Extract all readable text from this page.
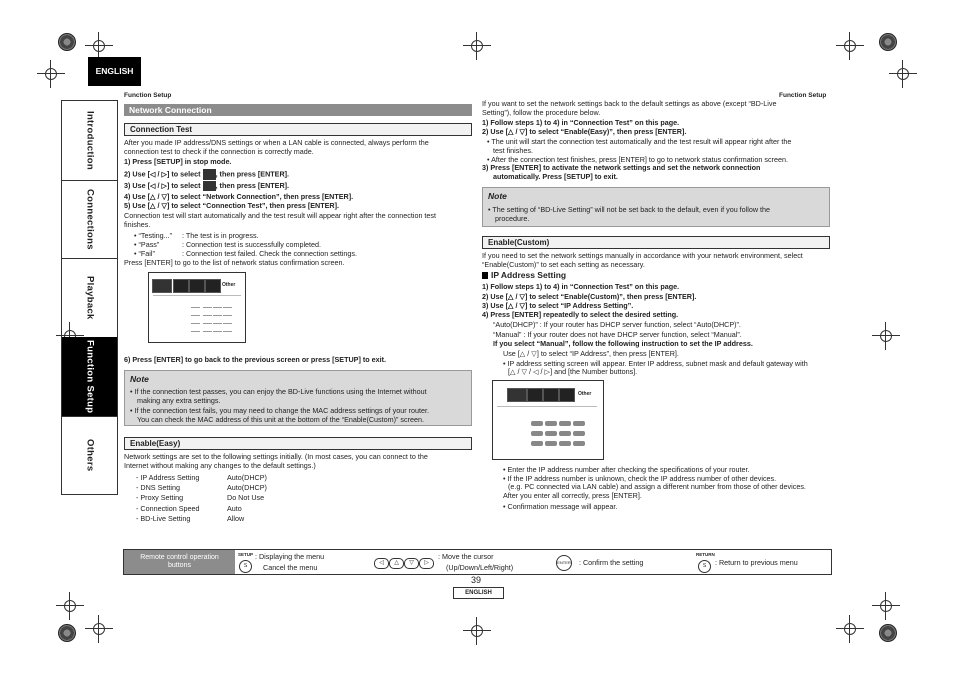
ENGLISH
Function Setup	Function Setup
Introduction
Connections
Playback
Function Setup
Others
Network Connection
Connection Test
After you made IP address/DNS settings or when a LAN cable is connected, always perform the
connection test to check if the connection is correctly made.
1) Press [SETUP] in stop mode.
2) Use [◁ / ▷] to select , then press [ENTER].
3) Use [◁ / ▷] to select , then press [ENTER].
4) Use [△ / ▽] to select “Network Connection”, then press [ENTER].
5) Use [△ / ▽] to select “Connection Test”, then press [ENTER].
Connection test will start automatically and the test result will appear right after the connection test
finishes.
• “Testing...” : The test is in progress.
• “Pass”	: Connection test is successfully completed.
• “Fail”	: Connection test failed. Check the connection settings.
Press [ENTER] to go to the list of network status confirmation screen.
Other
6) Press [ENTER] to go back to the previous screen or press [SETUP] to exit.
Note
• If the connection test passes, you can enjoy the BD-Live functions using the Internet without
making any extra settings.
• If the connection test fails, you may need to change the MAC address settings of your router.
You can check the MAC address of this unit at the bottom of the “Enable(Custom)” screen.
Enable(Easy)
Network settings are set to the following settings initially. (In most cases, you can connect to the
Internet without making any changes to the default settings.)
- IP Address Setting	Auto(DHCP)
- DNS Setting	Auto(DHCP)
- Proxy Setting	Do Not Use
- Connection Speed	Auto
- BD-Live Setting	Allow
If you want to set the network settings back to the default settings as above (except “BD-Live
Setting”), follow the procedure below.
1) Follow steps 1) to 4) in “Connection Test” on this page.
2) Use [△ / ▽] to select “Enable(Easy)”, then press [ENTER].
• The unit will start the connection test automatically and the test result will appear right after the
test finishes.
• After the connection test finishes, press [ENTER] to go to network status confirmation screen.
3) Press [ENTER] to activate the network settings and set the network connection
automatically. Press [SETUP] to exit.
Note
• The setting of “BD-Live Setting” will not be set back to the default, even if you follow the
procedure.
Enable(Custom)
If you need to set the network settings manually in accordance with your network environment, select
“Enable(Custom)” to set each setting as necessary.
IP Address Setting
1) Follow steps 1) to 4) in “Connection Test” on this page.
2) Use [△ / ▽] to select “Enable(Custom)”, then press [ENTER].
3) Use [△ / ▽] to select “IP Address Setting”.
4) Press [ENTER] repeatedly to select the desired setting.
“Auto(DHCP)” : If your router has DHCP server function, select “Auto(DHCP)”.
“Manual” : If your router does not have DHCP server function, select “Manual”.
If you select “Manual”, follow the following instruction to set the IP address.
Use [△ / ▽] to select “IP Address”, then press [ENTER].
• IP address setting screen will appear. Enter IP address, subnet mask and default gateway with
[△ / ▽ / ◁ / ▷] and [the Number buttons].
Other
• Enter the IP address number after checking the specifications of your router.
• If the IP address number is unknown, check the IP address number of other devices.
(e.g. PC connected via LAN cable) and assign a different number from those of other devices.
After you enter all correctly, press [ENTER].
• Confirmation message will appear.
Remote control operation
buttons
SETUP
S
: Displaying the menu
Cancel the menu	◁	△	▽	▷
: Move the cursor
(Up/Down/Left/Right)
ENTER : Confirm the setting
RETURN
S	: Return to previous menu
39
ENGLISH
